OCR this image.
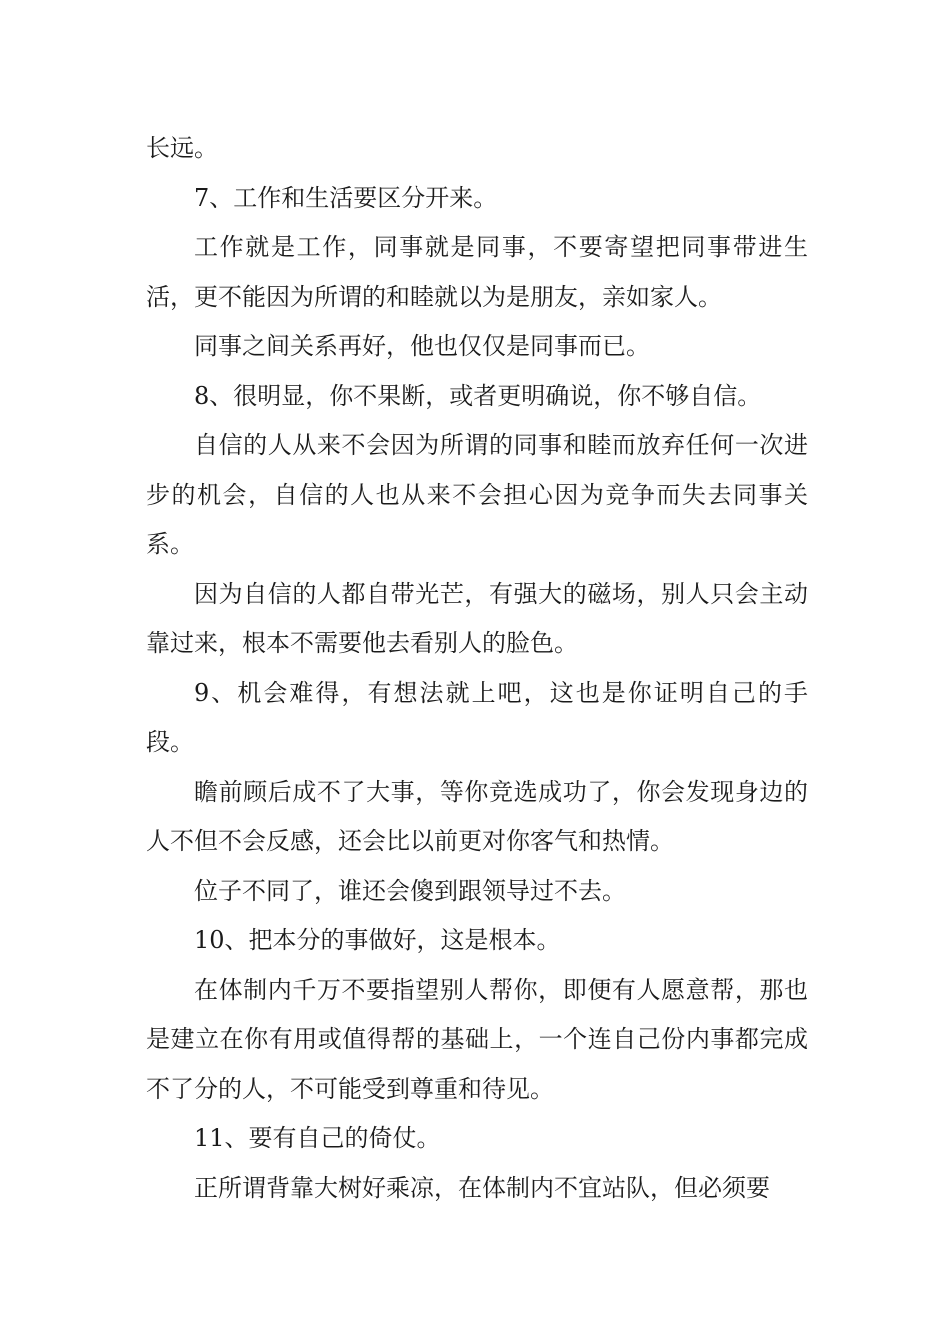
长远。

7、工作和生活要区分开来。

工作就是工作，同事就是同事，不要寄望把同事带进生活，更不能因为所谓的和睦就以为是朋友，亲如家人。

同事之间关系再好，他也仅仅是同事而已。

8、很明显，你不果断，或者更明确说，你不够自信。

自信的人从来不会因为所谓的同事和睦而放弃任何一次进步的机会，自信的人也从来不会担心因为竞争而失去同事关系。

因为自信的人都自带光芒，有强大的磁场，别人只会主动靠过来，根本不需要他去看别人的脸色。

9、机会难得，有想法就上吧，这也是你证明自己的手段。

瞻前顾后成不了大事，等你竞选成功了，你会发现身边的人不但不会反感，还会比以前更对你客气和热情。

位子不同了，谁还会傻到跟领导过不去。

10、把本分的事做好，这是根本。

在体制内千万不要指望别人帮你，即便有人愿意帮，那也是建立在你有用或值得帮的基础上，一个连自己份内事都完成不了分的人，不可能受到尊重和待见。

11、要有自己的倚仗。

正所谓背靠大树好乘凉，在体制内不宜站队，但必须要
